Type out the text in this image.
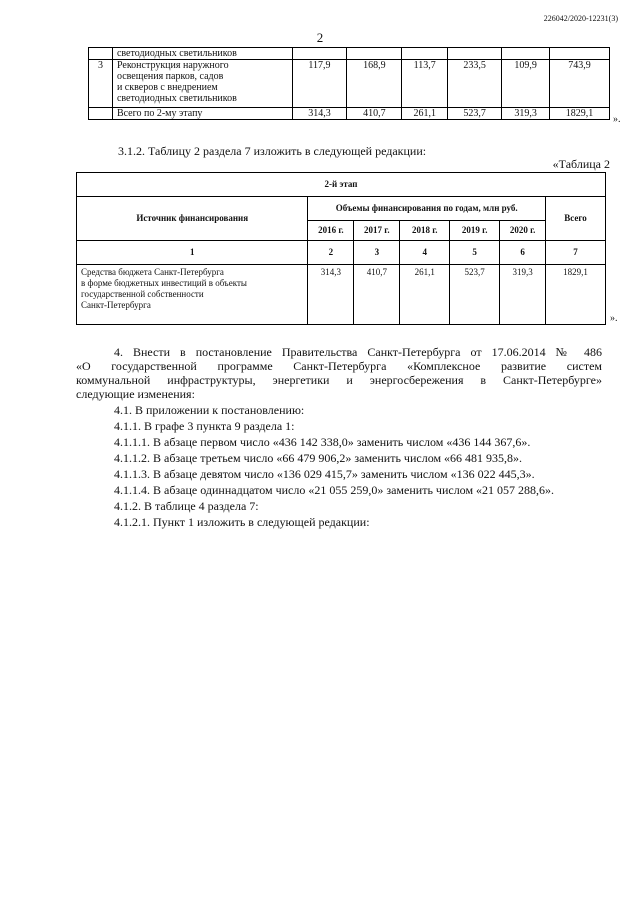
226042/2020-12231(3)
2
	светодиодных светильников						
3	Реконструкция наружного
освещения парков, садов
и скверов с внедрением
светодиодных светильников	117,9	168,9	113,7	233,5	109,9	743,9
	Всего по 2-му этапу	314,3	410,7	261,1	523,7	319,3	1829,1
».
3.1.2. Таблицу 2 раздела 7 изложить в следующей редакции:
«Таблица 2
2-й этап						
Источник финансирования	Объемы финансирования по годам, млн руб.					Всего
	2016 г.	2017 г.	2018 г.	2019 г.	2020 г.	
1	2	3	4	5	6	7

Средства бюджета Санкт-Петербурга
в форме бюджетных инвестиций в объекты
государственной собственности
Санкт-Петербурга	314,3	410,7	261,1	523,7	319,3	1829,1
».
4. Внести в постановление Правительства Санкт-Петербурга от 17.06.2014 № 486
«О государственной программе Санкт-Петербурга «Комплексное развитие систем
коммунальной инфраструктуры, энергетики и энергосбережения в Санкт-Петербурге»
следующие изменения:
4.1. В приложении к постановлению:
4.1.1. В графе 3 пункта 9 раздела 1:
4.1.1.1. В абзаце первом число «436 142 338,0» заменить числом «436 144 367,6».
4.1.1.2. В абзаце третьем число «66 479 906,2» заменить числом «66 481 935,8».
4.1.1.3. В абзаце девятом число «136 029 415,7» заменить числом «136 022 445,3».
4.1.1.4. В абзаце одиннадцатом число «21 055 259,0» заменить числом «21 057 288,6».
4.1.2. В таблице 4 раздела 7:
4.1.2.1. Пункт 1 изложить в следующей редакции:
